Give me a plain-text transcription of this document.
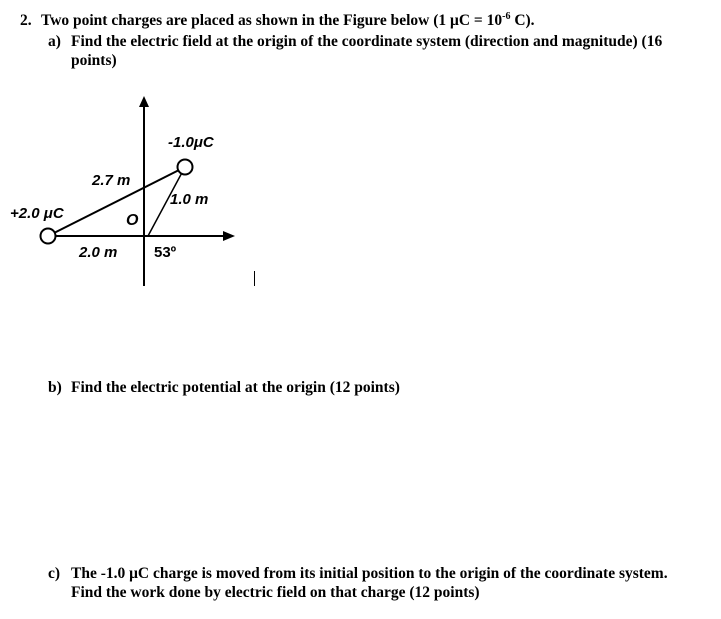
2. Two point charges are placed as shown in the Figure below (1 $\mu C = 10^{-6}$ C).
a) Find the electric field at the origin of the coordinate system (direction and magnitude) (16
points)
-1.0μC
2.7 m
1.0 m
+2.0 μC	O
2.0 m 53º
b) Find the electric potential at the origin (12 points)
c) The -1.0 μC charge is moved from its initial position to the origin of the coordinate system.
Find the work done by electric field on that charge (12 points)
